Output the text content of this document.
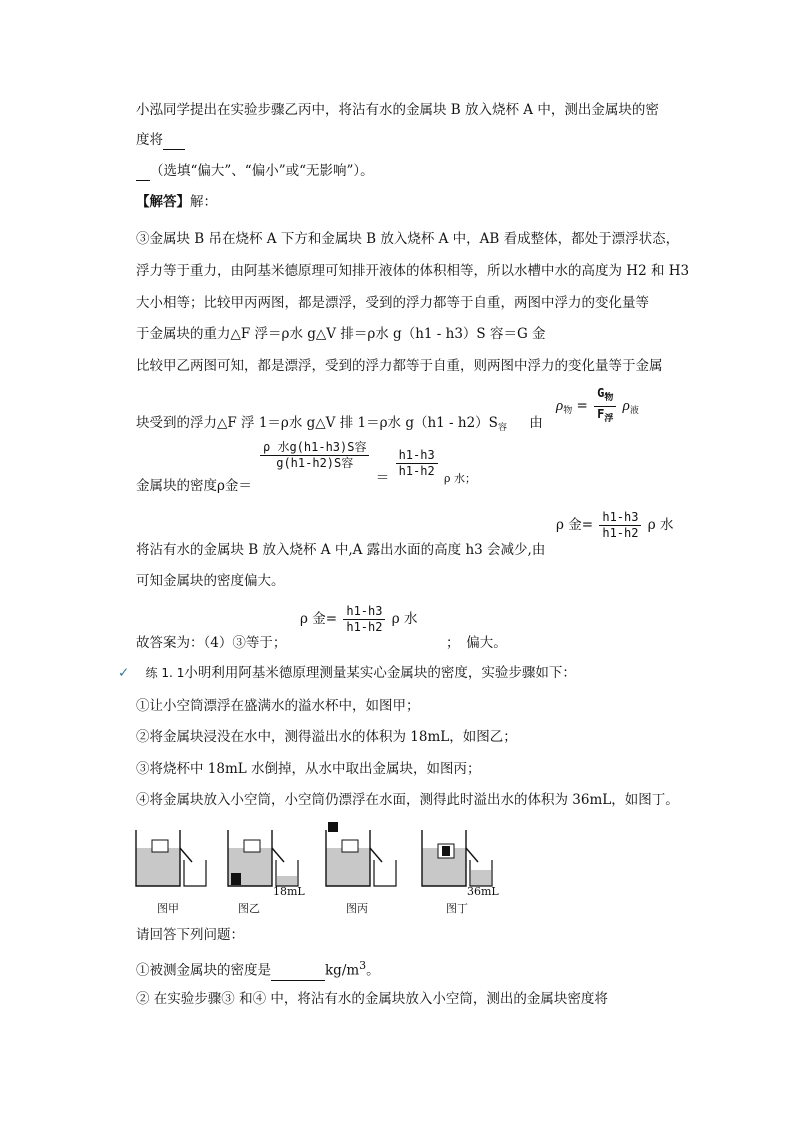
小泓同学提出在实验步骤乙丙中，将沾有水的金属块 B 放入烧杯 A 中，测出金属块的密
度将
（选填“偏大”、“偏小”或“无影响”）。
【解答】解：
③金属块 B 吊在烧杯 A 下方和金属块 B 放入烧杯 A 中，AB 看成整体，都处于漂浮状态，
浮力等于重力，由阿基米德原理可知排开液体的体积相等，所以水槽中水的高度为 H2 和 H3
大小相等；比较甲丙两图，都是漂浮，受到的浮力都等于自重，两图中浮力的变化量等
于金属块的重力△F 浮＝ρ水 g△V 排＝ρ水 g（h1 - h3）S 容＝G 金
比较甲乙两图可知，都是漂浮，受到的浮力都等于自重，则两图中浮力的变化量等于金属
块受到的浮力△F 浮 1＝ρ水 g△V 排 1＝ρ水 $g(h1 - h2)S_容$ 由
$\rho_物 = \frac{G_物}{F_浮} \rho_液$
金属块的密度ρ金＝
$\frac{\text{ρ 水g(h1-h3)S容}}{\text{g(h1-h2)S容}}$
＝ $\frac{h1-h3}{h1-h2} _{\rho 水;}$
将沾有水的金属块 B 放入烧杯 A 中,A 露出水面的高度 h3 会减少,由
ρ 金= $\frac{h1-h3}{h1-h2}$ ρ 水
可知金属块的密度偏大。
故答案为：（4）③等于；
ρ 金= $\frac{h1-h3}{h1-h2}$ ρ 水
；　偏大。
✓ 练 1. 1小明利用阿基米德原理测量某实心金属块的密度，实验步骤如下：
①让小空筒漂浮在盛满水的溢水杯中，如图甲；
②将金属块浸没在水中，测得溢出水的体积为 18mL，如图乙；
③将烧杯中 18mL 水倒掉，从水中取出金属块，如图丙；
④将金属块放入小空筒，小空筒仍漂浮在水面，测得此时溢出水的体积为 36mL，如图丁。
18mL	36mL
图甲	图乙	图丙	图丁
请回答下列问题：
①被测金属块的密度是	$kg/m^3$。
② 在实验步骤③ 和④ 中，将沾有水的金属块放入小空筒，测出的金属块密度将
